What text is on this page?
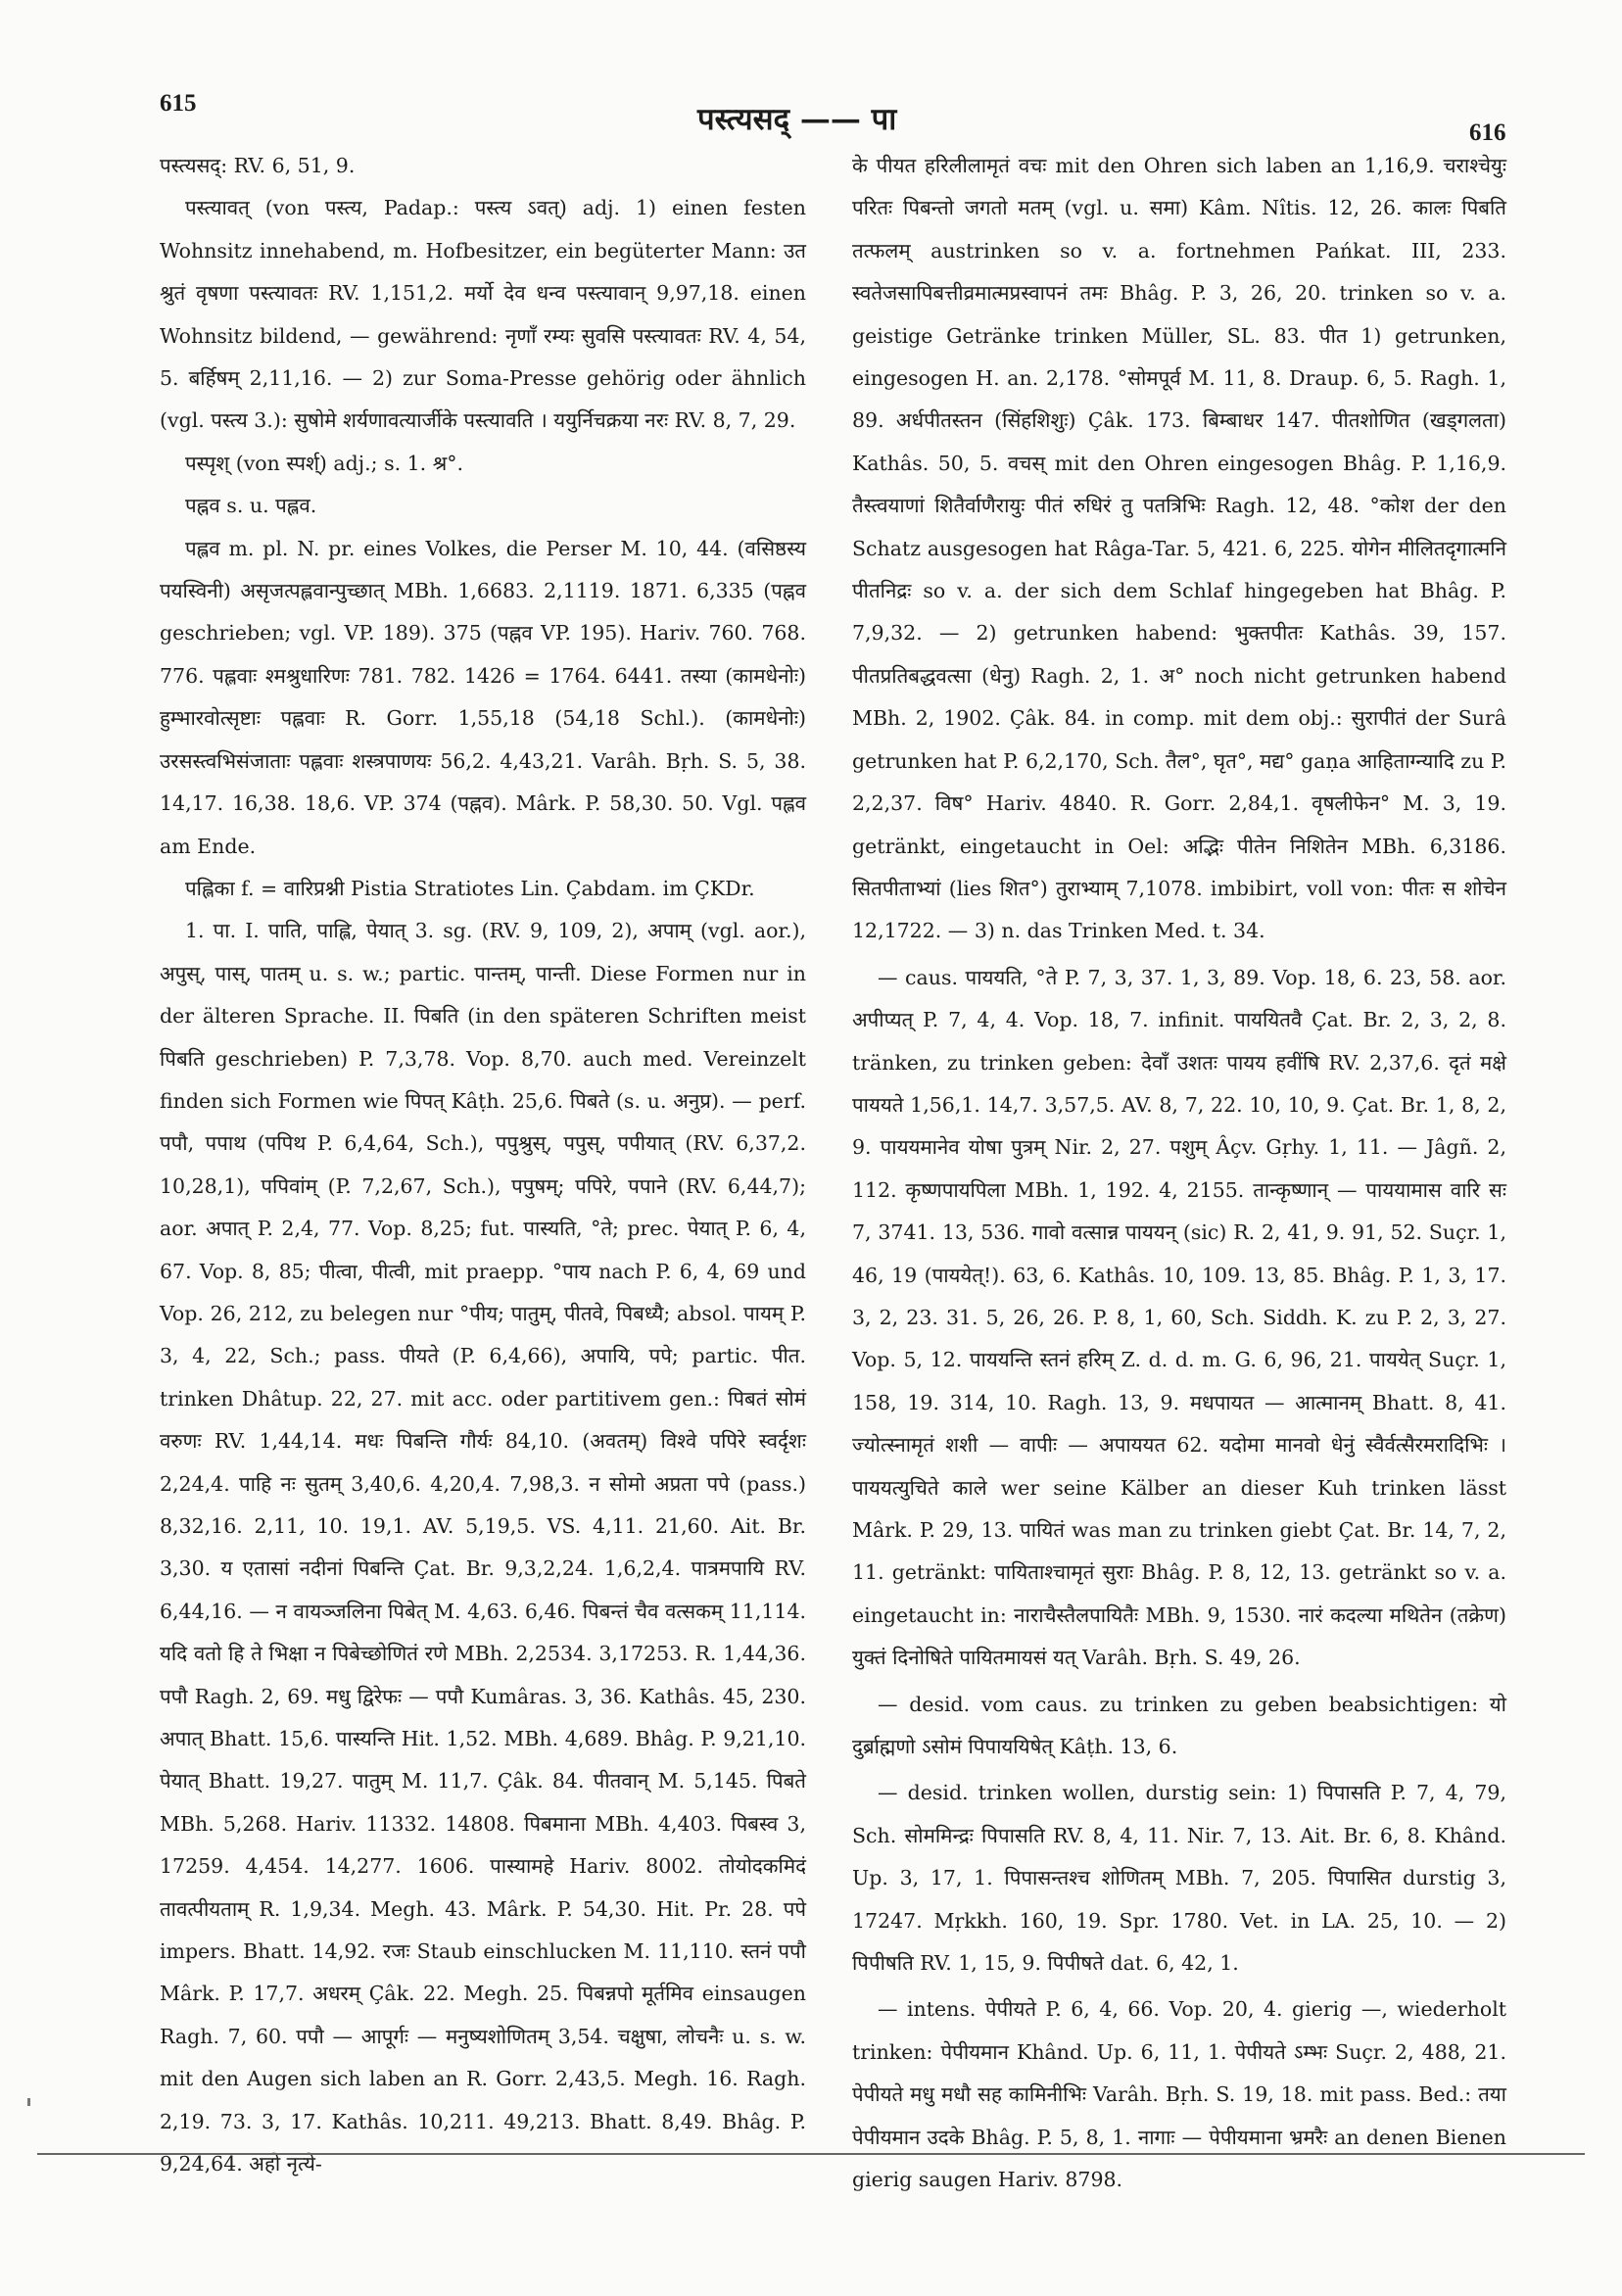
615	पस्त्यसद् —— पा	616

पस्त्यसद्: RV. 6, 51, 9.

पस्त्यावत् (von पस्त्य, Padap.: पस्त्य ऽवत्) adj. 1) einen festen Wohnsitz innehabend, m. Hofbesitzer, ein begüterter Mann: उत श्रुतं वृषणा पस्त्यावतः RV. 1,151,2. मर्यो देव धन्व पस्त्यावान् 9,97,18. einen Wohnsitz bildend, — gewährend: नृणॉं रम्यः सुवसि पस्त्यावतः RV. 4, 54, 5. बर्हिषम् 2,11,16. — 2) zur Soma-Presse gehörig oder ähnlich (vgl. पस्त्य 3.): सुषोमे शर्यणावत्यार्जीके पस्त्यावति । ययुर्निचक्रया नरः RV. 8, 7, 29.

पस्पृश् (von स्पर्श्) adj.; s. 1. श्र°.

पह्नव s. u. पह्लव.

पह्लव m. pl. N. pr. eines Volkes, die Perser M. 10, 44. (वसिष्ठस्य पयस्विनी) असृजत्पह्लवान्पुच्छात् MBh. 1,6683. 2,1119. 1871. 6,335 (पह्नव geschrieben; vgl. VP. 189). 375 (पह्नव VP. 195). Hariv. 760. 768. 776. पह्लवाः श्मश्रुधारिणः 781. 782. 1426 = 1764. 6441. तस्या (कामधेनोः) हुम्भारवोत्सृष्टाः पह्लवाः R. Gorr. 1,55,18 (54,18 Schl.). (कामधेनोः) उरसस्त्वभिसंजाताः पह्लवाः शस्त्रपाणयः 56,2. 4,43,21. Varâh. Bṛh. S. 5, 38. 14,17. 16,38. 18,6. VP. 374 (पह्नव). Mârk. P. 58,30. 50. Vgl. पह्लव am Ende.

पह्लिका f. = वारिप्रश्नी Pistia Stratiotes Lin. Çabdam. im ÇKDr.

1. पा. I. पाति, पाह्लि, पेयात् 3. sg. (RV. 9, 109, 2), अपाम् (vgl. aor.), अपुस्, पास्, पातम् u. s. w.; partic. पान्तम्, पान्ती. Diese Formen nur in der älteren Sprache. II. पिबति (in den späteren Schriften meist पिबति geschrieben) P. 7,3,78. Vop. 8,70. auch med. Vereinzelt finden sich Formen wie पिपत् Kâṭh. 25,6. पिबते (s. u. अनुप्र). — perf. पपौ, पपाथ (पपिथ P. 6,4,64, Sch.), पपुश्रुस्, पपुस्, पपीयात् (RV. 6,37,2. 10,28,1), पपिवांम् (P. 7,2,67, Sch.), पपुषम्; पपिरे, पपाने (RV. 6,44,7); aor. अपात् P. 2,4, 77. Vop. 8,25; fut. पास्यति, °ते; prec. पेयात् P. 6, 4, 67. Vop. 8, 85; पीत्वा, पीत्वी, mit praepp. °पाय nach P. 6, 4, 69 und Vop. 26, 212, zu belegen nur °पीय; पातुम्, पीतवे, पिबध्यै; absol. पायम् P. 3, 4, 22, Sch.; pass. पीयते (P. 6,4,66), अपायि, पपे; partic. पीत. trinken Dhâtup. 22, 27. mit acc. oder partitivem gen.: पिबतं सोमं वरुणः RV. 1,44,14. मधः पिबन्ति गौर्यः 84,10. (अवतम्) विश्वे पपिरे स्वर्दृशः 2,24,4. पाहि नः सुतम् 3,40,6. 4,20,4. 7,98,3. न सोमो अप्रता पपे (pass.) 8,32,16. 2,11, 10. 19,1. AV. 5,19,5. VS. 4,11. 21,60. Ait. Br. 3,30. य एतासां नदीनां पिबन्ति Çat. Br. 9,3,2,24. 1,6,2,4. पात्रमपायि RV. 6,44,16. — न वायञ्जलिना पिबेत् M. 4,63. 6,46. पिबन्तं चैव वत्सकम् 11,114. यदि वतो हि ते भिक्षा न पिबेच्छोणितं रणे MBh. 2,2534. 3,17253. R. 1,44,36. पपौ Ragh. 2, 69. मधु द्विरेफः — पपौ Kumâras. 3, 36. Kathâs. 45, 230. अपात् Bhatt. 15,6. पास्यन्ति Hit. 1,52. MBh. 4,689. Bhâg. P. 9,21,10. पेयात् Bhatt. 19,27. पातुम् M. 11,7. Çâk. 84. पीतवान् M. 5,145. पिबते MBh. 5,268. Hariv. 11332. 14808. पिबमाना MBh. 4,403. पिबस्व 3, 17259. 4,454. 14,277. 1606. पास्यामहे Hariv. 8002. तोयोदकमिदं तावत्पीयताम् R. 1,9,34. Megh. 43. Mârk. P. 54,30. Hit. Pr. 28. पपे impers. Bhatt. 14,92. रजः Staub einschlucken M. 11,110. स्तनं पपौ Mârk. P. 17,7. अधरम् Çâk. 22. Megh. 25. पिबन्नपो मूर्तमिव einsaugen Ragh. 7, 60. पपौ — आपूर्गः — मनुष्यशोणितम् 3,54. चक्षुषा, लोचनैः u. s. w. mit den Augen sich laben an R. Gorr. 2,43,5. Megh. 16. Ragh. 2,19. 73. 3, 17. Kathâs. 10,211. 49,213. Bhatt. 8,49. Bhâg. P. 9,24,64. अहो नृत्ये-

के पीयत हरिलीलामृतं वचः mit den Ohren sich laben an 1,16,9. चराश्चेयुः परितः पिबन्तो जगतो मतम् (vgl. u. समा) Kâm. Nîtis. 12, 26. कालः पिबति तत्फलम् austrinken so v. a. fortnehmen Pańkat. III, 233. स्वतेजसापिबत्तीव्रमात्मप्रस्वापनं तमः Bhâg. P. 3, 26, 20. trinken so v. a. geistige Getränke trinken Müller, SL. 83. पीत 1) getrunken, eingesogen H. an. 2,178. °सोमपूर्व M. 11, 8. Draup. 6, 5. Ragh. 1, 89. अर्धपीतस्तन (सिंहशिशुः) Çâk. 173. बिम्बाधर 147. पीतशोणित (खड्गलता) Kathâs. 50, 5. वचस् mit den Ohren eingesogen Bhâg. P. 1,16,9. तैस्त्वयाणां शितैर्वाणैरायुः पीतं रुधिरं तु पतत्रिभिः Ragh. 12, 48. °कोश der den Schatz ausgesogen hat Râga-Tar. 5, 421. 6, 225. योगेन मीलितदृगात्मनि पीतनिद्रः so v. a. der sich dem Schlaf hingegeben hat Bhâg. P. 7,9,32. — 2) getrunken habend: भुक्तपीतः Kathâs. 39, 157. पीतप्रतिबद्धवत्सा (धेनु) Ragh. 2, 1. अ° noch nicht getrunken habend MBh. 2, 1902. Çâk. 84. in comp. mit dem obj.: सुरापीतं der Surâ getrunken hat P. 6,2,170, Sch. तैल°, घृत°, मद्य° gaṇa आहिताग्न्यादि zu P. 2,2,37. विष° Hariv. 4840. R. Gorr. 2,84,1. वृषलीफेन° M. 3, 19. getränkt, eingetaucht in Oel: अद्भिः पीतेन निशितेन MBh. 6,3186. सितपीताभ्यां (lies शित°) तुराभ्याम् 7,1078. imbibirt, voll von: पीतः स शोचेन 12,1722. — 3) n. das Trinken Med. t. 34.

— caus. पाययति, °ते P. 7, 3, 37. 1, 3, 89. Vop. 18, 6. 23, 58. aor. अपीप्यत् P. 7, 4, 4. Vop. 18, 7. infinit. पाययितवै Çat. Br. 2, 3, 2, 8. tränken, zu trinken geben: देवाँ उशतः पायय हवींषि RV. 2,37,6. दृतं मक्षे पाययते 1,56,1. 14,7. 3,57,5. AV. 8, 7, 22. 10, 10, 9. Çat. Br. 1, 8, 2, 9. पाययमानेव योषा पुत्रम् Nir. 2, 27. पशुम् Âçv. Gṛhy. 1, 11. — Jâgñ. 2, 112. कृष्णपायपिला MBh. 1, 192. 4, 2155. तान्कृष्णान् — पाययामास वारि सः 7, 3741. 13, 536. गावो वत्सान्न पाययन् (sic) R. 2, 41, 9. 91, 52. Suçr. 1, 46, 19 (पाययेत्!). 63, 6. Kathâs. 10, 109. 13, 85. Bhâg. P. 1, 3, 17. 3, 2, 23. 31. 5, 26, 26. P. 8, 1, 60, Sch. Siddh. K. zu P. 2, 3, 27. Vop. 5, 12. पाययन्ति स्तनं हरिम् Z. d. d. m. G. 6, 96, 21. पाययेत् Suçr. 1, 158, 19. 314, 10. Ragh. 13, 9. मधपायत — आत्मानम् Bhatt. 8, 41. ज्योत्स्नामृतं शशी — वापीः — अपाययत 62. यदोमा मानवो धेनुं स्वैर्वत्सैरमरादिभिः । पाययत्युचिते काले wer seine Kälber an dieser Kuh trinken lässt Mârk. P. 29, 13. पायितं was man zu trinken giebt Çat. Br. 14, 7, 2, 11. getränkt: पायिताश्चामृतं सुराः Bhâg. P. 8, 12, 13. getränkt so v. a. eingetaucht in: नाराचैस्तैलपायितैः MBh. 9, 1530. नारं कदल्या मथितेन (तक्रेण) युक्तं दिनोषिते पायितमायसं यत् Varâh. Bṛh. S. 49, 26.

— desid. vom caus. zu trinken zu geben beabsichtigen: यो दुर्ब्राह्मणो ऽसोमं पिपाययिषेत् Kâṭh. 13, 6.

— desid. trinken wollen, durstig sein: 1) पिपासति P. 7, 4, 79, Sch. सोममिन्द्रः पिपासति RV. 8, 4, 11. Nir. 7, 13. Ait. Br. 6, 8. Khând. Up. 3, 17, 1. पिपासन्तश्च शोणितम् MBh. 7, 205. पिपासित durstig 3, 17247. Mṛkkh. 160, 19. Spr. 1780. Vet. in LA. 25, 10. — 2) पिपीषति RV. 1, 15, 9. पिपीषते dat. 6, 42, 1.

— intens. पेपीयते P. 6, 4, 66. Vop. 20, 4. gierig —, wiederholt trinken: पेपीयमान Khând. Up. 6, 11, 1. पेपीयते ऽम्भः Suçr. 2, 488, 21. पेपीयते मधु मधौ सह कामिनीभिः Varâh. Bṛh. S. 19, 18. mit pass. Bed.: तया पेपीयमान उदके Bhâg. P. 5, 8, 1. नागाः — पेपीयमाना भ्रमरैः an denen Bienen gierig saugen Hariv. 8798.
